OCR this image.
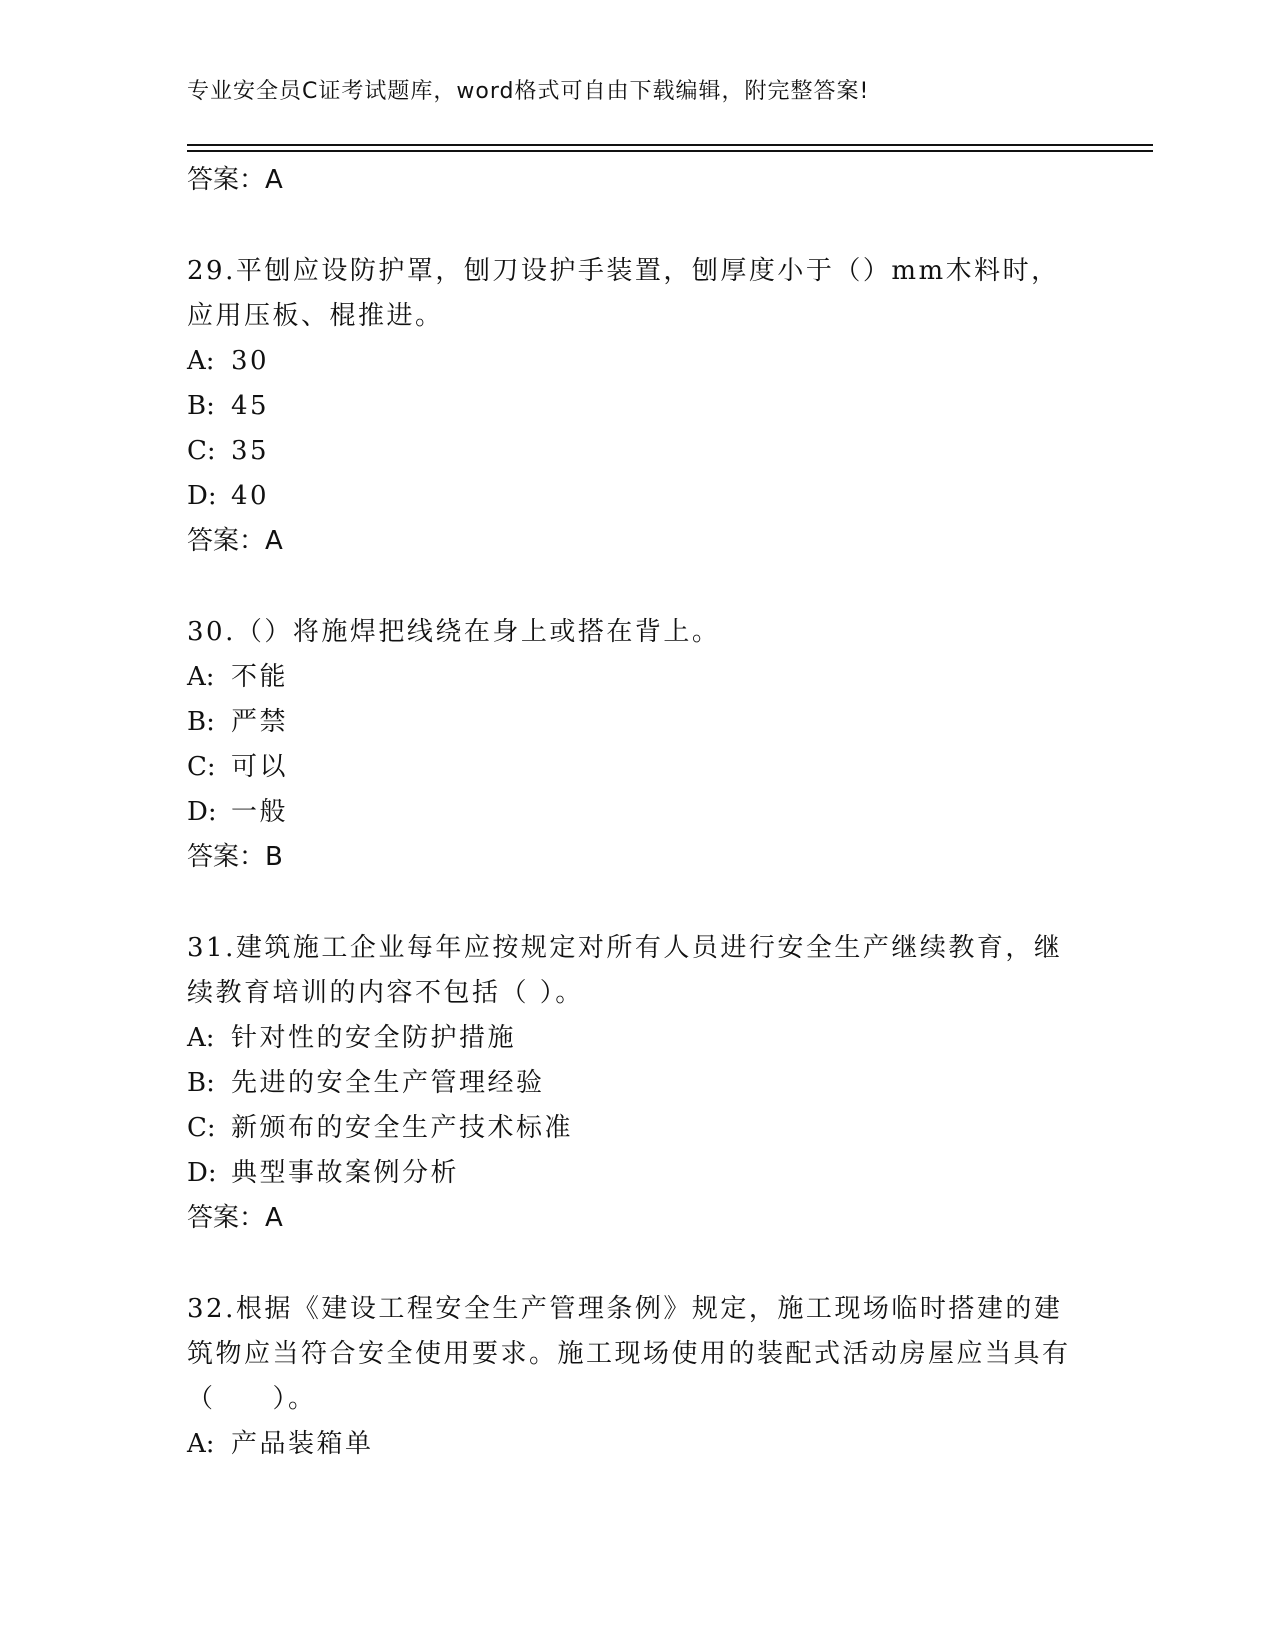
专业安全员C证考试题库，word格式可自由下载编辑，附完整答案!
答案：A

29.平刨应设防护罩，刨刀设护手装置，刨厚度小于（）mm木料时，应用压板、棍推进。

A: 30
B: 45
C: 35
D: 40
答案：A

30.（）将施焊把线绕在身上或搭在背上。

A: 不能
B: 严禁
C: 可以
D: 一般
答案：B

31.建筑施工企业每年应按规定对所有人员进行安全生产继续教育，继续教育培训的内容不包括（ ）。

A: 针对性的安全防护措施
B: 先进的安全生产管理经验
C: 新颁布的安全生产技术标准
D: 典型事故案例分析
答案：A

32.根据《建设工程安全生产管理条例》规定，施工现场临时搭建的建筑物应当符合安全使用要求。施工现场使用的装配式活动房屋应当具有（　　）。

A: 产品装箱单
